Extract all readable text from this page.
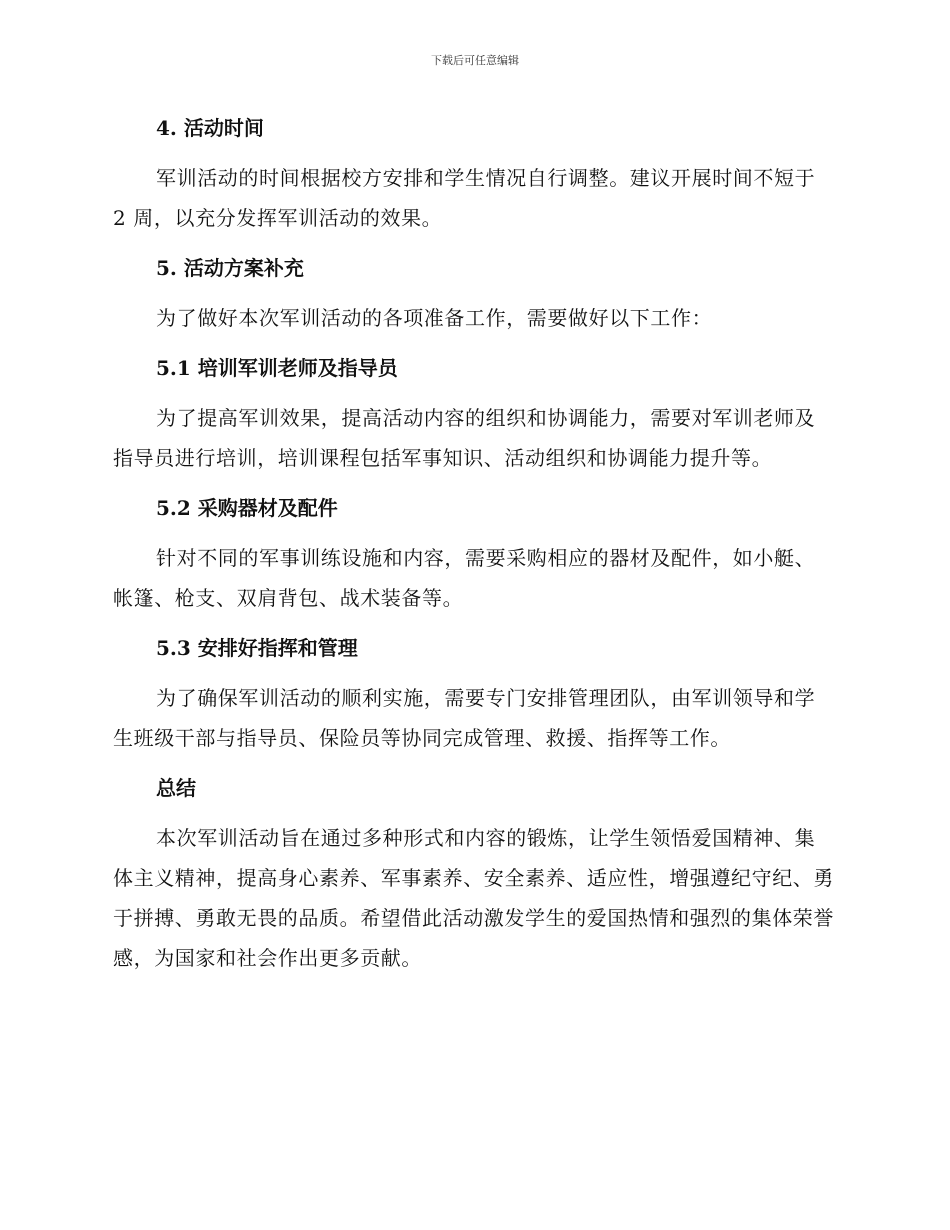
下载后可任意编辑
4. 活动时间
军训活动的时间根据校方安排和学生情况自行调整。建议开展时间不短于 2 周，以充分发挥军训活动的效果。
5. 活动方案补充
为了做好本次军训活动的各项准备工作，需要做好以下工作：
5.1 培训军训老师及指导员
为了提高军训效果，提高活动内容的组织和协调能力，需要对军训老师及指导员进行培训，培训课程包括军事知识、活动组织和协调能力提升等。
5.2 采购器材及配件
针对不同的军事训练设施和内容，需要采购相应的器材及配件，如小艇、帐篷、枪支、双肩背包、战术装备等。
5.3 安排好指挥和管理
为了确保军训活动的顺利实施，需要专门安排管理团队，由军训领导和学生班级干部与指导员、保险员等协同完成管理、救援、指挥等工作。
总结
本次军训活动旨在通过多种形式和内容的锻炼，让学生领悟爱国精神、集体主义精神，提高身心素养、军事素养、安全素养、适应性，增强遵纪守纪、勇于拼搏、勇敢无畏的品质。希望借此活动激发学生的爱国热情和强烈的集体荣誉感，为国家和社会作出更多贡献。
